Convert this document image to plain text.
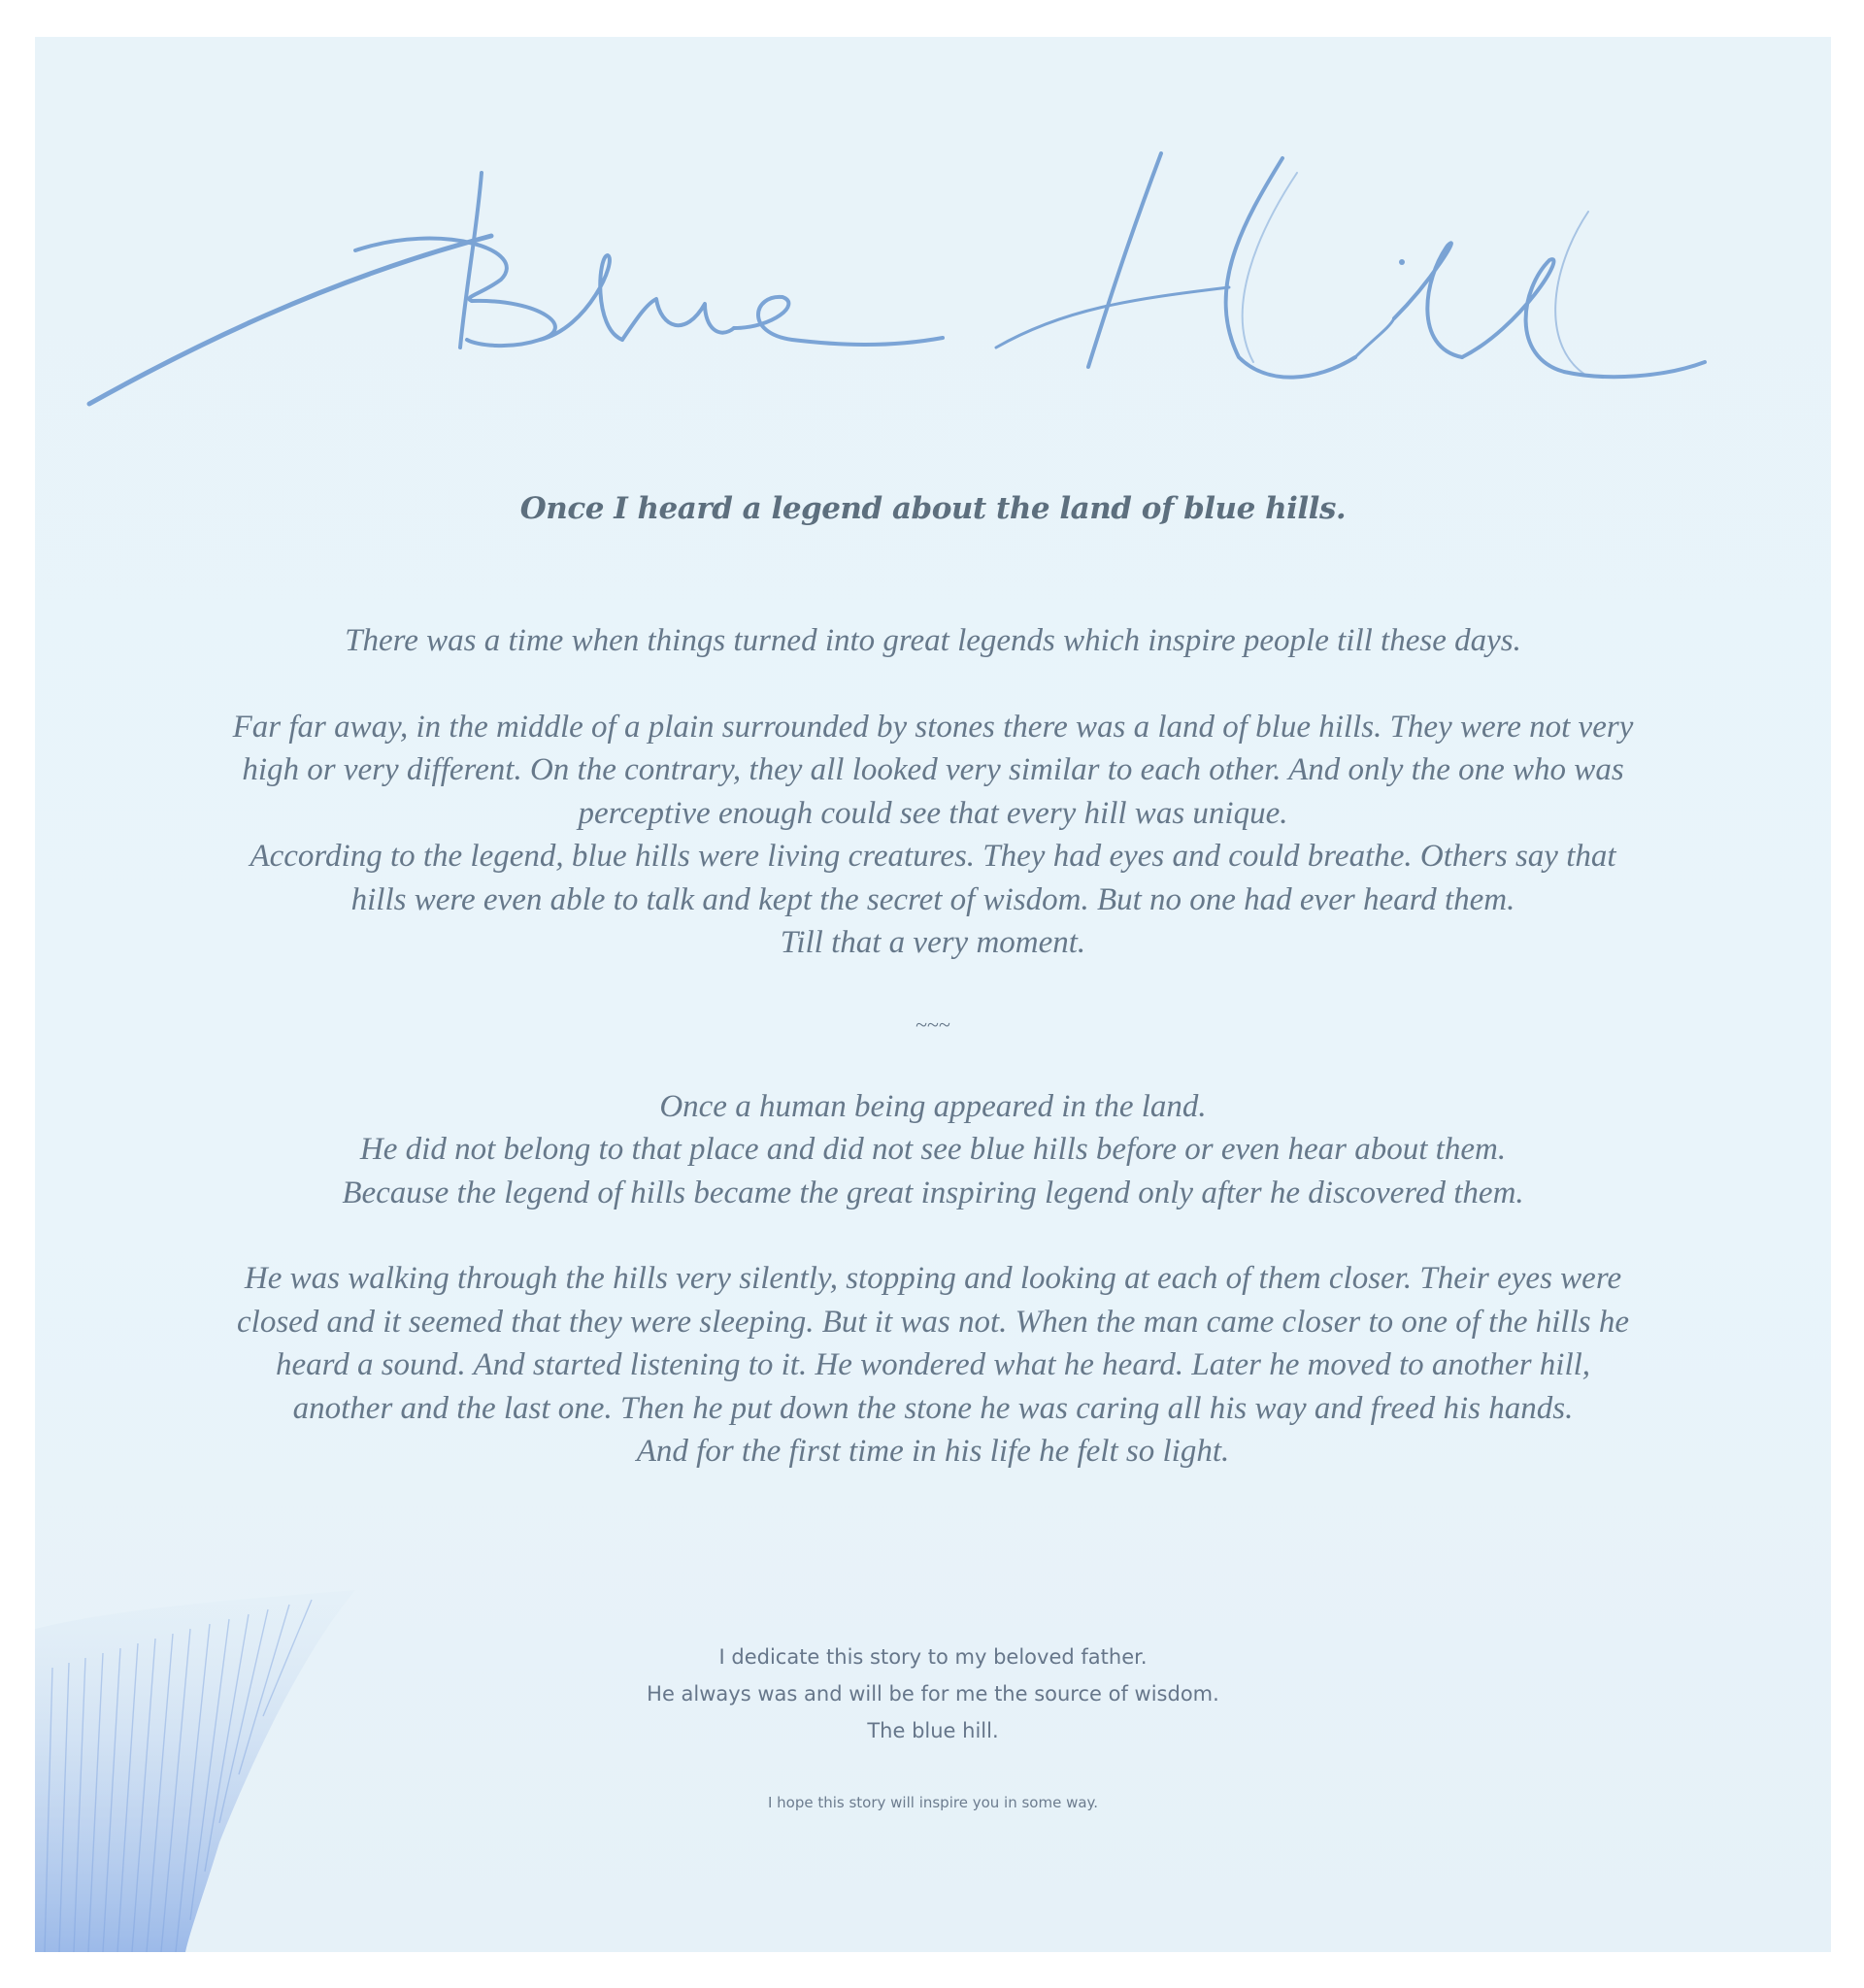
Once I heard a legend about the land of blue hills.

There was a time when things turned into great legends which inspire people till these days.

Far far away, in the middle of a plain surrounded by stones there was a land of blue hills. They were not very

high or very different. On the contrary, they all looked very similar to each other. And only the one who was

perceptive enough could see that every hill was unique.

According to the legend, blue hills were living creatures. They had eyes and could breathe. Others say that

hills were even able to talk and kept the secret of wisdom. But no one had ever heard them.

Till that a very moment.

~~~

Once a human being appeared in the land.

He did not belong to that place and did not see blue hills before or even hear about them.

Because the legend of hills became the great inspiring legend only after he discovered them.

He was walking through the hills very silently, stopping and looking at each of them closer. Their eyes were

closed and it seemed that they were sleeping. But it was not. When the man came closer to one of the hills he

heard a sound. And started listening to it. He wondered what he heard. Later he moved to another hill,

another and the last one. Then he put down the stone he was caring all his way and freed his hands.

And for the first time in his life he felt so light.

I dedicate this story to my beloved father.

He always was and will be for me the source of wisdom.

The blue hill.

I hope this story will inspire you in some way.
